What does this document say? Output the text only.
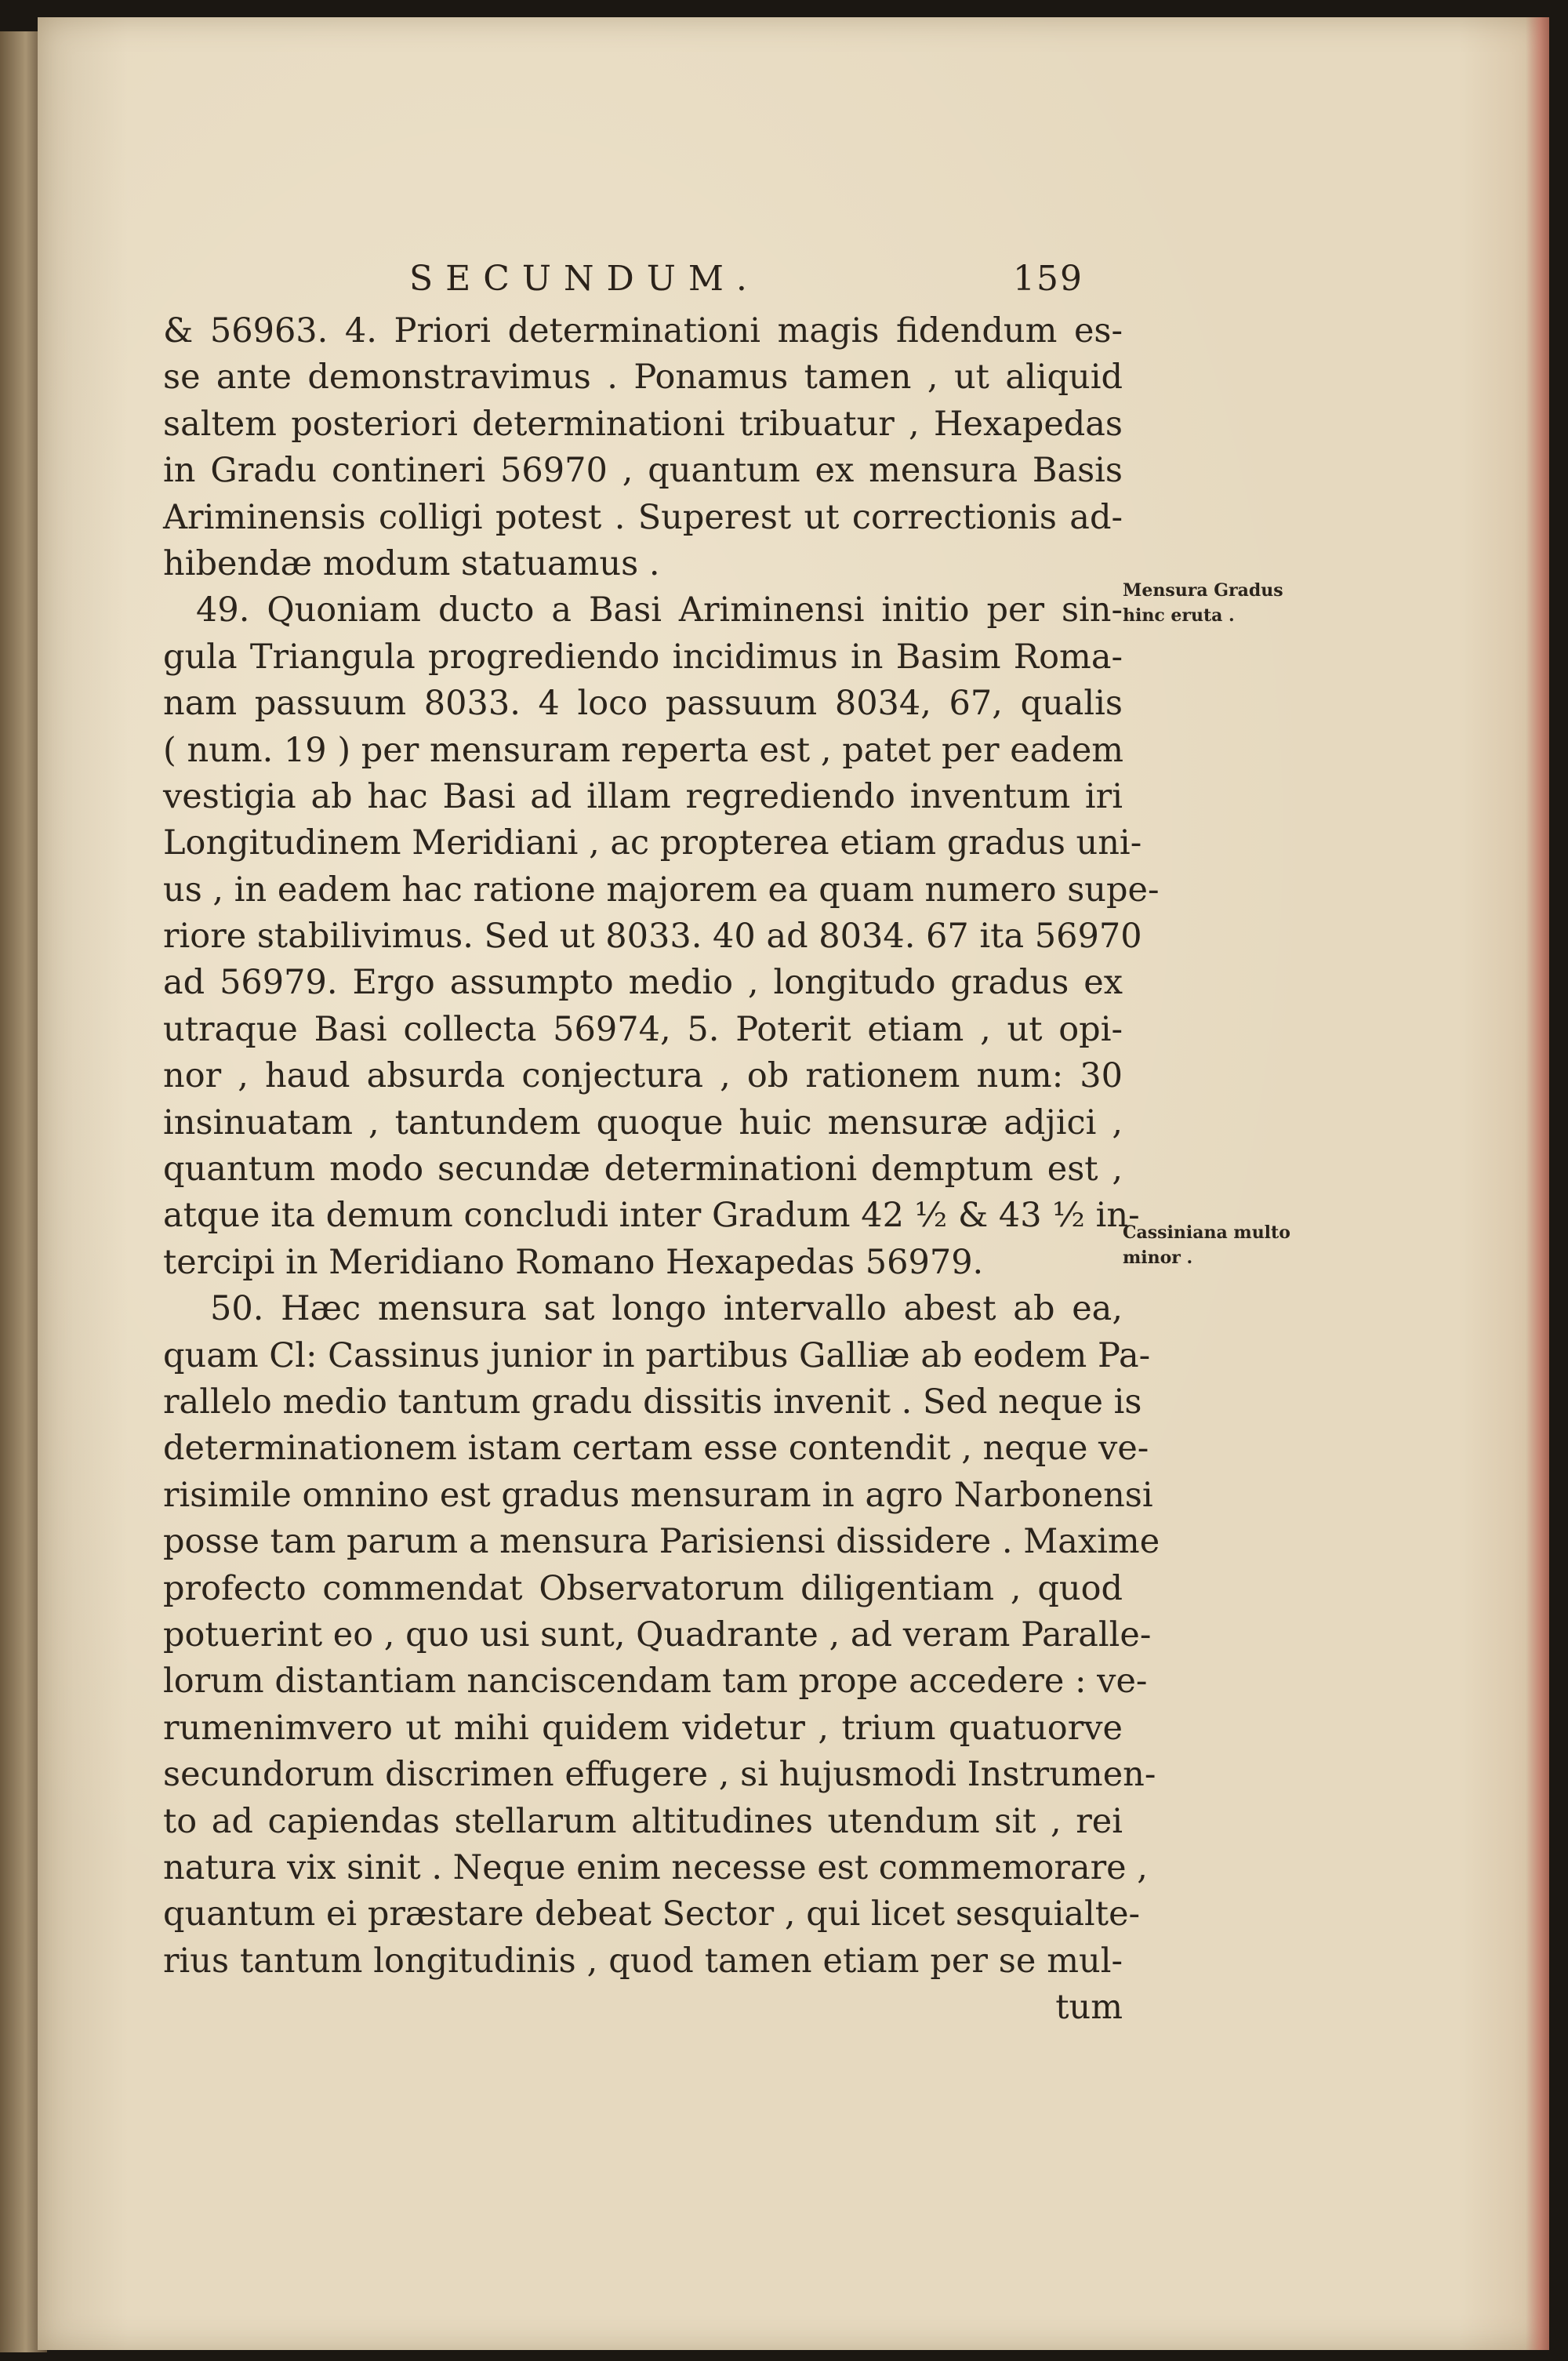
SECUNDUM.	159
& 56963. 4. Priori determinationi magis fidendum es-
se ante demonstravimus . Ponamus tamen , ut aliquid
saltem posteriori determinationi tribuatur , Hexapedas
in Gradu contineri 56970 , quantum ex mensura Basis
Ariminensis colligi potest . Superest ut correctionis ad-
hibendæ modum statuamus .
49. Quoniam ducto a Basi Ariminensi initio per sin-
gula Triangula progrediendo incidimus in Basim Roma-
nam passuum 8033. 4 loco passuum 8034, 67, qualis
( num. 19 ) per mensuram reperta est , patet per eadem
vestigia ab hac Basi ad illam regrediendo inventum iri
Longitudinem Meridiani , ac propterea etiam gradus uni-
us , in eadem hac ratione majorem ea quam numero supe-
riore stabilivimus. Sed ut 8033. 40 ad 8034. 67 ita 56970
ad 56979. Ergo assumpto medio , longitudo gradus ex
utraque Basi collecta 56974, 5. Poterit etiam , ut opi-
nor , haud absurda conjectura , ob rationem num: 30
insinuatam , tantundem quoque huic mensuræ adjici ,
quantum modo secundæ determinationi demptum est ,
atque ita demum concludi inter Gradum 42 ½ & 43 ½ in-
tercipi in Meridiano Romano Hexapedas 56979.
50. Hæc mensura sat longo intervallo abest ab ea,
quam Cl: Cassinus junior in partibus Galliæ ab eodem Pa-
rallelo medio tantum gradu dissitis invenit . Sed neque is
determinationem istam certam esse contendit , neque ve-
risimile omnino est gradus mensuram in agro Narbonensi
posse tam parum a mensura Parisiensi dissidere . Maxime
profecto commendat Observatorum diligentiam , quod
potuerint eo , quo usi sunt, Quadrante , ad veram Paralle-
lorum distantiam nanciscendam tam prope accedere : ve-
rumenimvero ut mihi quidem videtur , trium quatuorve
secundorum discrimen effugere , si hujusmodi Instrumen-
to ad capiendas stellarum altitudines utendum sit , rei
natura vix sinit . Neque enim necesse est commemorare ,
quantum ei præstare debeat Sector , qui licet sesquialte-
rius tantum longitudinis , quod tamen etiam per se mul-
tum
Mensura Gradus
hinc eruta .
Cassiniana multo
minor .
